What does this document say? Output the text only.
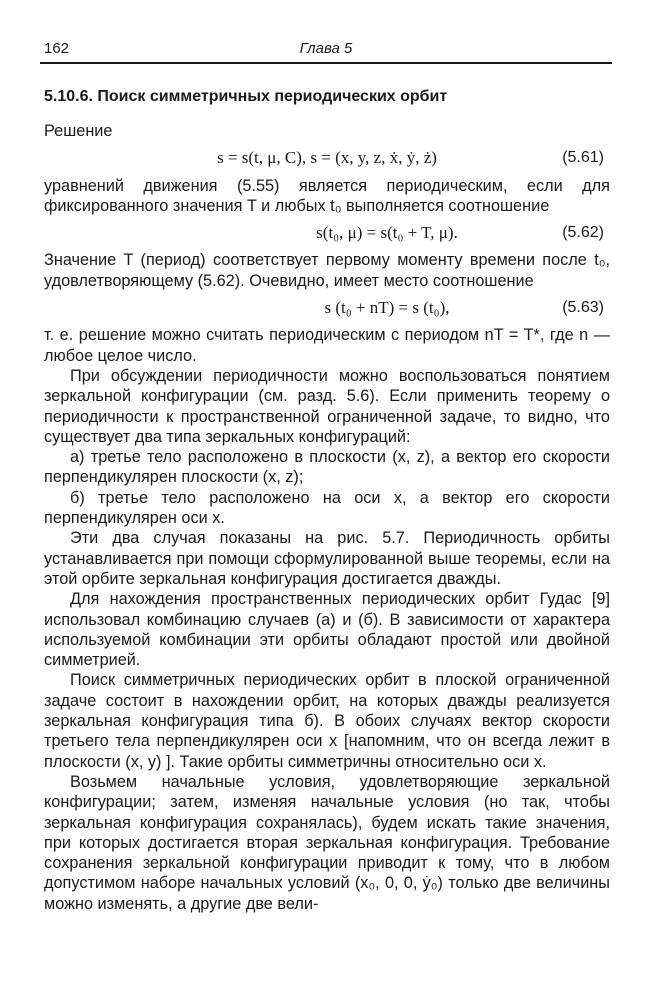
162	Глава 5
5.10.6. Поиск симметричных периодических орбит

Решение

s = s(t, μ, C), s = (x, y, z, ẋ, ẏ, ż)	(5.61)

уравнений движения (5.55) является периодическим, если для фиксированного значения T и любых t₀ выполняется соотношение

s(t₀, μ) = s(t₀ + T, μ).	(5.62)

Значение T (период) соответствует первому моменту времени после t₀, удовлетворяющему (5.62). Очевидно, имеет место соотношение

s (t₀ + nT) = s (t₀),	(5.63)

т. е. решение можно считать периодическим с периодом nT = T*, где n — любое целое число.

При обсуждении периодичности можно воспользоваться понятием зеркальной конфигурации (см. разд. 5.6). Если применить теорему о периодичности к пространственной ограниченной задаче, то видно, что существует два типа зеркальных конфигураций:

а) третье тело расположено в плоскости (x, z), а вектор его скорости перпендикулярен плоскости (x, z);

б) третье тело расположено на оси x, а вектор его скорости перпендикулярен оси x.

Эти два случая показаны на рис. 5.7. Периодичность орбиты устанавливается при помощи сформулированной выше теоремы, если на этой орбите зеркальная конфигурация достигается дважды.

Для нахождения пространственных периодических орбит Гудас [9] использовал комбинацию случаев (а) и (б). В зависимости от характера используемой комбинации эти орбиты обладают простой или двойной симметрией.

Поиск симметричных периодических орбит в плоской ограниченной задаче состоит в нахождении орбит, на которых дважды реализуется зеркальная конфигурация типа б). В обоих случаях вектор скорости третьего тела перпендикулярен оси x [напомним, что он всегда лежит в плоскости (x, y) ]. Такие орбиты симметричны относительно оси x.

Возьмем начальные условия, удовлетворяющие зеркальной конфигурации; затем, изменяя начальные условия (но так, чтобы зеркальная конфигурация сохранялась), будем искать такие значения, при которых достигается вторая зеркальная конфигурация. Требование сохранения зеркальной конфигурации приводит к тому, что в любом допустимом наборе начальных условий (x₀, 0, 0, ẏ₀) только две величины можно изменять, а другие две вели-
